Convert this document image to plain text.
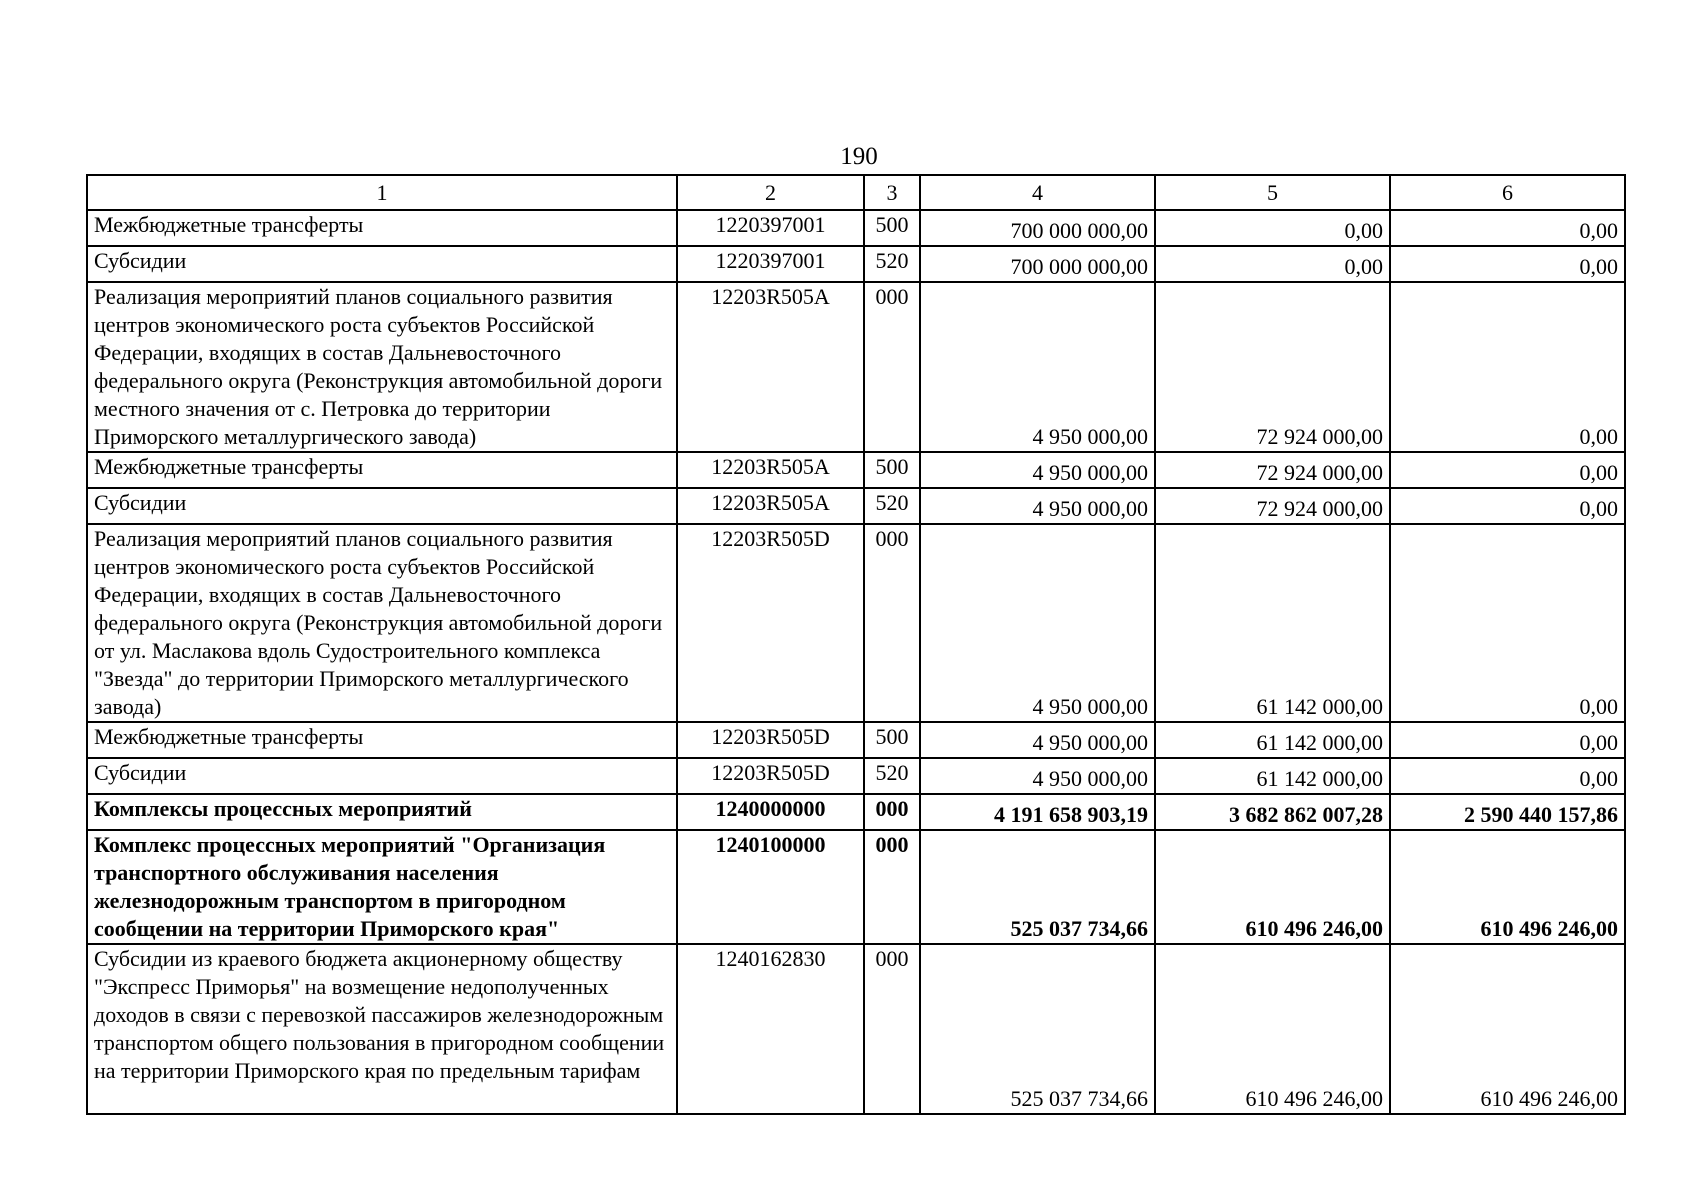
190
1	2	3	4	5	6
Межбюджетные трансферты	1220397001	500	700 000 000,00	0,00	0,00
Субсидии	1220397001	520	700 000 000,00	0,00	0,00
Реализация мероприятий планов социального развития центров экономического роста субъектов Российской Федерации, входящих в состав Дальневосточного федерального округа (Реконструкция автомобильной дороги местного значения от с. Петровка до территории Приморского металлургического завода)	12203R505A	000	4 950 000,00	72 924 000,00	0,00
Межбюджетные трансферты	12203R505A	500	4 950 000,00	72 924 000,00	0,00
Субсидии	12203R505A	520	4 950 000,00	72 924 000,00	0,00
Реализация мероприятий планов социального развития центров экономического роста субъектов Российской Федерации, входящих в состав Дальневосточного федерального округа (Реконструкция автомобильной дороги от ул. Маслакова вдоль Судостроительного комплекса "Звезда" до территории Приморского металлургического завода)	12203R505D	000	4 950 000,00	61 142 000,00	0,00
Межбюджетные трансферты	12203R505D	500	4 950 000,00	61 142 000,00	0,00
Субсидии	12203R505D	520	4 950 000,00	61 142 000,00	0,00
Комплексы процессных мероприятий	1240000000	000	4 191 658 903,19	3 682 862 007,28	2 590 440 157,86
Комплекс процессных мероприятий "Организация транспортного обслуживания населения железнодорожным транспортом в пригородном сообщении на территории Приморского края"	1240100000	000	525 037 734,66	610 496 246,00	610 496 246,00
Субсидии из краевого бюджета акционерному обществу "Экспресс Приморья" на возмещение недополученных доходов в связи с перевозкой пассажиров железнодорожным транспортом общего пользования в пригородном сообщении на территории Приморского края по предельным тарифам	1240162830	000	525 037 734,66	610 496 246,00	610 496 246,00
